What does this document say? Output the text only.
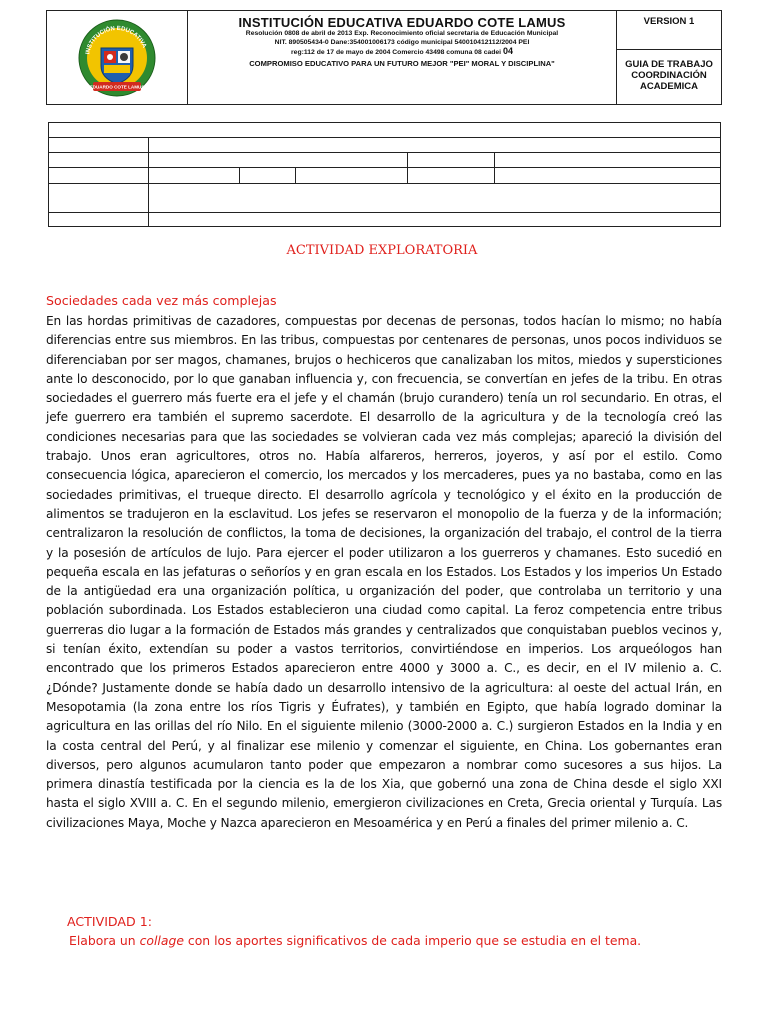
INSTITUCIÓN EDUCATIVA
EDUARDO COTE LAMUS

INSTITUCIÓN EDUCATIVA EDUARDO COTE LAMUS
Resolución 0808 de abril de 2013 Exp. Reconocimiento oficial secretaria de Educación Municipal
NIT. 890505434-0 Dane:354001006173 código municipal 540010412112/2004 PEI
reg:112 de 17 de mayo de 2004 Comercio 43498 comuna 08 cadei 04
COMPROMISO EDUCATIVO PARA UN FUTURO MEJOR "PEI" MORAL Y DISCIPLINA"

VERSION 1
GUIA DE TRABAJO
COORDINACIÓN
ACADEMICA
ACTIVIDAD EXPLORATORIA
Sociedades cada vez más complejas

En las hordas primitivas de cazadores, compuestas por decenas de personas, todos hacían lo mismo; no había diferencias entre sus miembros. En las tribus, compuestas por centenares de personas, unos pocos individuos se diferenciaban por ser magos, chamanes, brujos o hechiceros que canalizaban los mitos, miedos y supersticiones ante lo desconocido, por lo que ganaban influencia y, con frecuencia, se convertían en jefes de la tribu. En otras sociedades el guerrero más fuerte era el jefe y el chamán (brujo curandero) tenía un rol secundario. En otras, el jefe guerrero era también el supremo sacerdote. El desarrollo de la agricultura y de la tecnología creó las condiciones necesarias para que las sociedades se volvieran cada vez más complejas; apareció la división del trabajo. Unos eran agricultores, otros no. Había alfareros, herreros, joyeros, y así por el estilo. Como consecuencia lógica, aparecieron el comercio, los mercados y los mercaderes, pues ya no bastaba, como en las sociedades primitivas, el trueque directo. El desarrollo agrícola y tecnológico y el éxito en la producción de alimentos se tradujeron en la esclavitud. Los jefes se reservaron el monopolio de la fuerza y de la información; centralizaron la resolución de conflictos, la toma de decisiones, la organización del trabajo, el control de la tierra y la posesión de artículos de lujo. Para ejercer el poder utilizaron a los guerreros y chamanes. Esto sucedió en pequeña escala en las jefaturas o señoríos y en gran escala en los Estados. Los Estados y los imperios Un Estado de la antigüedad era una organización política, u organización del poder, que controlaba un territorio y una población subordinada. Los Estados establecieron una ciudad como capital. La feroz competencia entre tribus guerreras dio lugar a la formación de Estados más grandes y centralizados que conquistaban pueblos vecinos y, si tenían éxito, extendían su poder a vastos territorios, convirtiéndose en imperios. Los arqueólogos han encontrado que los primeros Estados aparecieron entre 4000 y 3000 a. C., es decir, en el IV milenio a. C. ¿Dónde? Justamente donde se había dado un desarrollo intensivo de la agricultura: al oeste del actual Irán, en Mesopotamia (la zona entre los ríos Tigris y Éufrates), y también en Egipto, que había logrado dominar la agricultura en las orillas del río Nilo. En el siguiente milenio (3000-2000 a. C.) surgieron Estados en la India y en la costa central del Perú, y al finalizar ese milenio y comenzar el siguiente, en China. Los gobernantes eran diversos, pero algunos acumularon tanto poder que empezaron a nombrar como sucesores a sus hijos. La primera dinastía testificada por la ciencia es la de los Xia, que gobernó una zona de China desde el siglo XXI hasta el siglo XVIII a. C. En el segundo milenio, emergieron civilizaciones en Creta, Grecia oriental y Turquía. Las civilizaciones Maya, Moche y Nazca aparecieron en Mesoamérica y en Perú a finales del primer milenio a. C.

ACTIVIDAD 1:
Elabora un collage con los aportes significativos de cada imperio que se estudia en el tema.
